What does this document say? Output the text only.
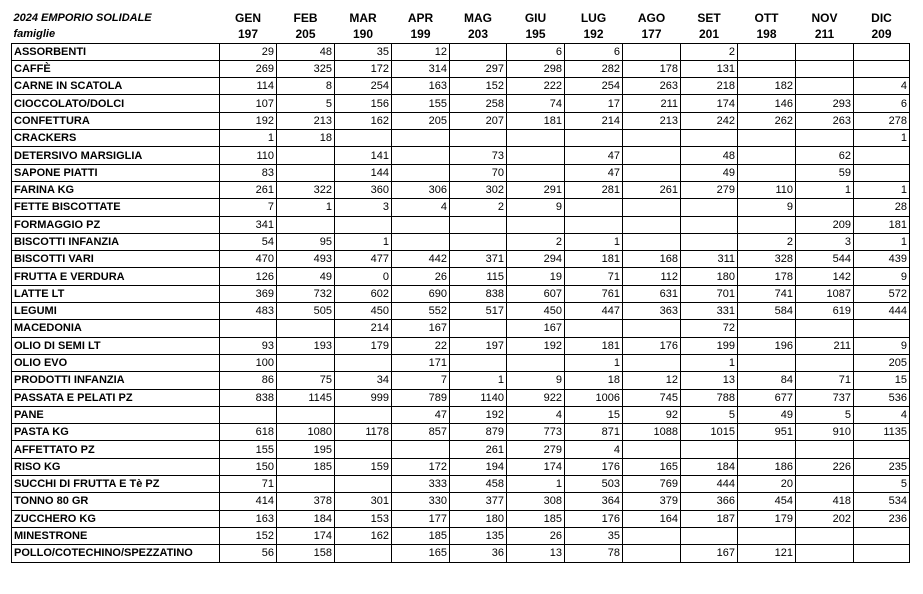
2024 EMPORIO SOLIDALE	GEN	FEB	MAR	APR	MAG	GIU	LUG	AGO	SET	OTT	NOV	DIC
famiglie	197	205	190	199	203	195	192	177	201	198	211	209
ASSORBENTI	29	48	35	12		6	6		2			
CAFFÈ	269	325	172	314	297	298	282	178	131			
CARNE IN SCATOLA	114	8	254	163	152	222	254	263	218	182		4
CIOCCOLATO/DOLCI	107	5	156	155	258	74	17	211	174	146	293	6
CONFETTURA	192	213	162	205	207	181	214	213	242	262	263	278
CRACKERS	1	18										1
DETERSIVO MARSIGLIA	110		141		73		47		48		62	
SAPONE PIATTI	83		144		70		47		49		59	
FARINA KG	261	322	360	306	302	291	281	261	279	110	1	1
FETTE BISCOTTATE	7	1	3	4	2	9				9		28
FORMAGGIO PZ	341										209	181
BISCOTTI INFANZIA	54	95	1			2	1			2	3	1
BISCOTTI VARI	470	493	477	442	371	294	181	168	311	328	544	439
FRUTTA E VERDURA	126	49	0	26	115	19	71	112	180	178	142	9
LATTE LT	369	732	602	690	838	607	761	631	701	741	1087	572
LEGUMI	483	505	450	552	517	450	447	363	331	584	619	444
MACEDONIA			214	167		167			72			
OLIO DI SEMI LT	93	193	179	22	197	192	181	176	199	196	211	9
OLIO EVO	100			171			1		1			205
PRODOTTI INFANZIA	86	75	34	7	1	9	18	12	13	84	71	15
PASSATA E PELATI PZ	838	1145	999	789	1140	922	1006	745	788	677	737	536
PANE				47	192	4	15	92	5	49	5	4
PASTA KG	618	1080	1178	857	879	773	871	1088	1015	951	910	1135
AFFETTATO PZ	155	195			261	279	4					
RISO KG	150	185	159	172	194	174	176	165	184	186	226	235
SUCCHI DI FRUTTA E Tè PZ	71			333	458	1	503	769	444	20		5
TONNO 80 GR	414	378	301	330	377	308	364	379	366	454	418	534
ZUCCHERO KG	163	184	153	177	180	185	176	164	187	179	202	236
MINESTRONE	152	174	162	185	135	26	35					
POLLO/COTECHINO/SPEZZATINO	56	158		165	36	13	78		167	121		
